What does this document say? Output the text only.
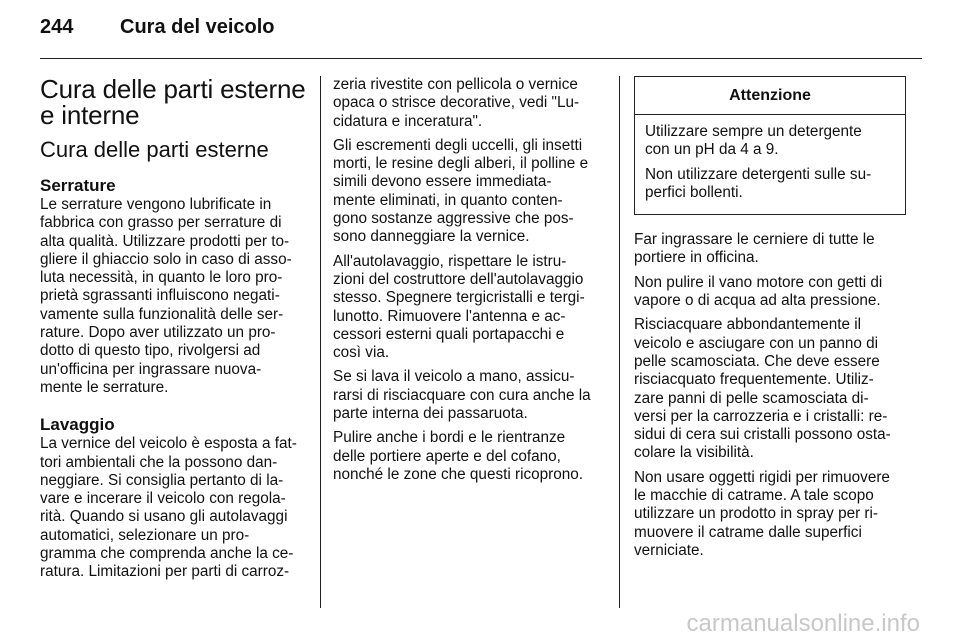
244 Cura del veicolo
Cura delle parti esterne
e interne
Cura delle parti esterne
Serrature

Le serrature vengono lubrificate in
fabbrica con grasso per serrature di
alta qualità. Utilizzare prodotti per to-
gliere il ghiaccio solo in caso di asso-
luta necessità, in quanto le loro pro-
prietà sgrassanti influiscono negati-
vamente sulla funzionalità delle ser-
rature. Dopo aver utilizzato un pro-
dotto di questo tipo, rivolgersi ad
un'officina per ingrassare nuova-
mente le serrature.

Lavaggio

La vernice del veicolo è esposta a fat-
tori ambientali che la possono dan-
neggiare. Si consiglia pertanto di la-
vare e incerare il veicolo con regola-
rità. Quando si usano gli autolavaggi
automatici, selezionare un pro-
gramma che comprenda anche la ce-
ratura. Limitazioni per parti di carroz-

zeria rivestite con pellicola o vernice
opaca o strisce decorative, vedi "Lu-
cidatura e inceratura".

Gli escrementi degli uccelli, gli insetti
morti, le resine degli alberi, il polline e
simili devono essere immediata-
mente eliminati, in quanto conten-
gono sostanze aggressive che pos-
sono danneggiare la vernice.

All'autolavaggio, rispettare le istru-
zioni del costruttore dell'autolavaggio
stesso. Spegnere tergicristalli e tergi-
lunotto. Rimuovere l'antenna e ac-
cessori esterni quali portapacchi e
così via.

Se si lava il veicolo a mano, assicu-
rarsi di risciacquare con cura anche la
parte interna dei passaruota.

Pulire anche i bordi e le rientranze
delle portiere aperte e del cofano,
nonché le zone che questi ricoprono.

Attenzione

Utilizzare sempre un detergente
con un pH da 4 a 9.

Non utilizzare detergenti sulle su-
perfici bollenti.

Far ingrassare le cerniere di tutte le
portiere in officina.

Non pulire il vano motore con getti di
vapore o di acqua ad alta pressione.

Risciacquare abbondantemente il
veicolo e asciugare con un panno di
pelle scamosciata. Che deve essere
risciacquato frequentemente. Utiliz-
zare panni di pelle scamosciata di-
versi per la carrozzeria e i cristalli: re-
sidui di cera sui cristalli possono osta-
colare la visibilità.

Non usare oggetti rigidi per rimuovere
le macchie di catrame. A tale scopo
utilizzare un prodotto in spray per ri-
muovere il catrame dalle superfici
verniciate.

carmanualsonline.info
